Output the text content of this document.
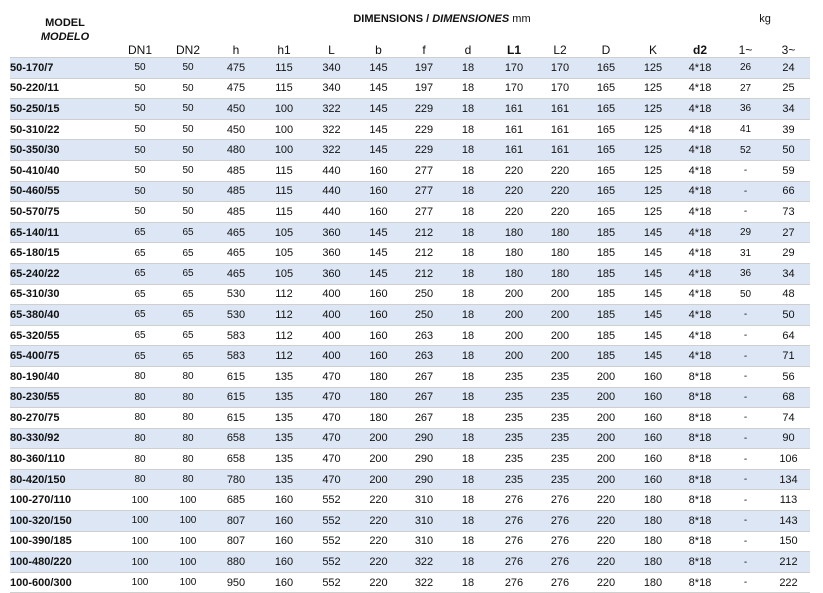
MODEL
MODELO
DIMENSIONS / DIMENSIONES mm	kg
	DN1	DN2	h	h1	L	b	f	d	L1	L2	D	K	d2	1~	3~
50-170/7	50	50	475	115	340	145	197	18	170	170	165	125	4*18	26	24
50-220/11	50	50	475	115	340	145	197	18	170	170	165	125	4*18	27	25
50-250/15	50	50	450	100	322	145	229	18	161	161	165	125	4*18	36	34
50-310/22	50	50	450	100	322	145	229	18	161	161	165	125	4*18	41	39
50-350/30	50	50	480	100	322	145	229	18	161	161	165	125	4*18	52	50
50-410/40	50	50	485	115	440	160	277	18	220	220	165	125	4*18	-	59
50-460/55	50	50	485	115	440	160	277	18	220	220	165	125	4*18	-	66
50-570/75	50	50	485	115	440	160	277	18	220	220	165	125	4*18	-	73
65-140/11	65	65	465	105	360	145	212	18	180	180	185	145	4*18	29	27
65-180/15	65	65	465	105	360	145	212	18	180	180	185	145	4*18	31	29
65-240/22	65	65	465	105	360	145	212	18	180	180	185	145	4*18	36	34
65-310/30	65	65	530	112	400	160	250	18	200	200	185	145	4*18	50	48
65-380/40	65	65	530	112	400	160	250	18	200	200	185	145	4*18	-	50
65-320/55	65	65	583	112	400	160	263	18	200	200	185	145	4*18	-	64
65-400/75	65	65	583	112	400	160	263	18	200	200	185	145	4*18	-	71
80-190/40	80	80	615	135	470	180	267	18	235	235	200	160	8*18	-	56
80-230/55	80	80	615	135	470	180	267	18	235	235	200	160	8*18	-	68
80-270/75	80	80	615	135	470	180	267	18	235	235	200	160	8*18	-	74
80-330/92	80	80	658	135	470	200	290	18	235	235	200	160	8*18	-	90
80-360/110	80	80	658	135	470	200	290	18	235	235	200	160	8*18	-	106
80-420/150	80	80	780	135	470	200	290	18	235	235	200	160	8*18	-	134
100-270/110	100	100	685	160	552	220	310	18	276	276	220	180	8*18	-	113
100-320/150	100	100	807	160	552	220	310	18	276	276	220	180	8*18	-	143
100-390/185	100	100	807	160	552	220	310	18	276	276	220	180	8*18	-	150
100-480/220	100	100	880	160	552	220	322	18	276	276	220	180	8*18	-	212
100-600/300	100	100	950	160	552	220	322	18	276	276	220	180	8*18	-	222
